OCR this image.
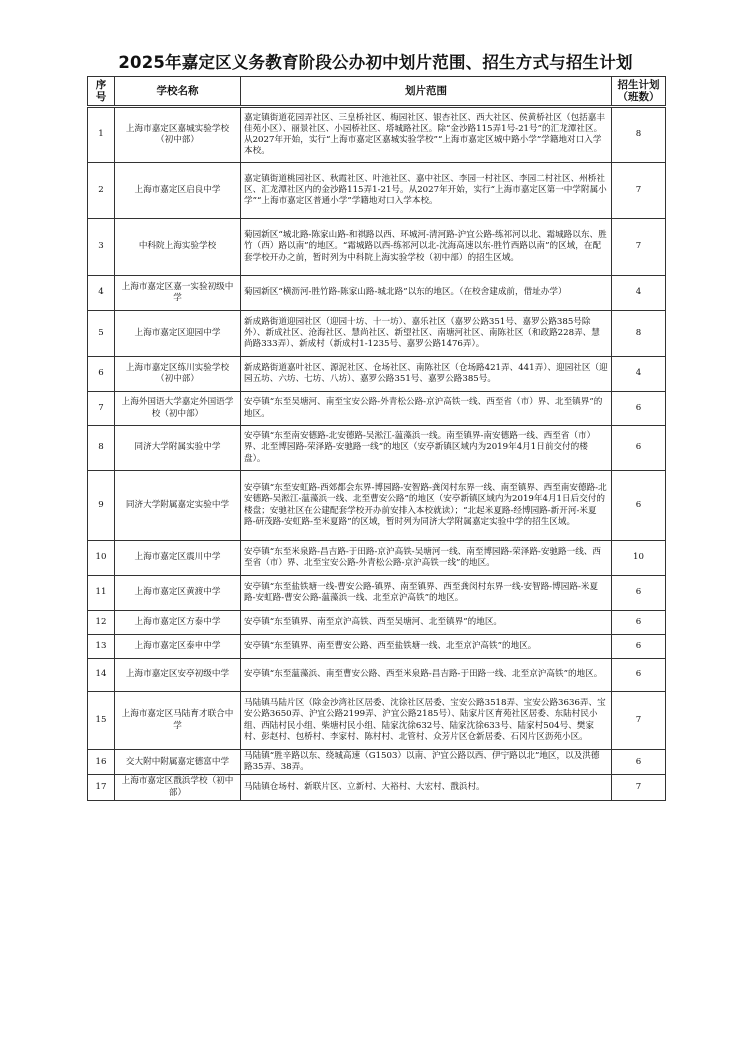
2025年嘉定区义务教育阶段公办初中划片范围、招生方式与招生计划
序号	学校名称	划片范围	招生计划（班数）
1	上海市嘉定区嘉城实验学校（初中部）	嘉定镇街道花园弄社区、三皇桥社区、梅园社区、银杏社区、西大社区、侯黄桥社区（包括嘉丰佳苑小区）、丽景社区、小园桥社区、塔城路社区。除“金沙路115弄1号-21号”的汇龙潭社区。从2027年开始，实行“上海市嘉定区嘉城实验学校”“上海市嘉定区城中路小学”学籍地对口入学本校。	8
2	上海市嘉定区启良中学	嘉定镇街道桃园社区、秋霞社区、叶池社区、嘉中社区、李园一村社区、李园二村社区、州桥社区、汇龙潭社区内的金沙路115弄1-21号。从2027年开始，实行“上海市嘉定区第一中学附属小学”“上海市嘉定区普通小学”学籍地对口入学本校。	7
3	中科院上海实验学校	菊园新区“城北路-陈家山路-和祺路以西、环城河-清河路-沪宜公路-练祁河以北、霜城路以东、胜竹（西）路以南”的地区。“霜城路以西-练祁河以北-沈海高速以东-胜竹西路以南”的区域，在配套学校开办之前，暂时列为中科院上海实验学校（初中部）的招生区域。	7
4	上海市嘉定区嘉一实验初级中学	菊园新区“横沥河-胜竹路-陈家山路-城北路”以东的地区。（在校舍建成前，借址办学）	4
5	上海市嘉定区迎园中学	新成路街道迎园社区（迎园十坊、十一坊）、嘉乐社区（嘉罗公路351号、嘉罗公路385号除外）、新成社区、沧海社区、慧尚社区、新望社区、南塘河社区、南陈社区（和政路228弄、慧尚路333弄）、新成村（新成村1-1235号、嘉罗公路1476弄）。	8
6	上海市嘉定区练川实验学校（初中部）	新成路街道嘉叶社区、源泥社区、仓场社区、南陈社区（仓场路421弄、441弄）、迎园社区（迎园五坊、六坊、七坊、八坊）、嘉罗公路351号、嘉罗公路385号。	4
7	上海外国语大学嘉定外国语学校（初中部）	安亭镇“东至吴塘河、南至宝安公路-外青松公路-京沪高铁一线、西至省（市）界、北至镇界”的地区。	6
8	同济大学附属实验中学	安亭镇“东至南安德路-北安德路-吴淞江-蕰藻浜一线。南至镇界-南安德路一线、西至省（市）界、北至博园路-荣泽路-安驰路一线”的地区（安亭新镇区域内为2019年4月1日前交付的楼盘）。	6
9	同济大学附属嘉定实验中学	安亭镇“东至安虹路-西郊都会东界-博园路-安智路-龚闵村东界一线、南至镇界、西至南安德路-北安德路-吴淞江-蕰藻浜一线、北至曹安公路”的地区（安亭新镇区域内为2019年4月1日后交付的楼盘；安驰社区在公建配套学校开办前安排入本校就读）；“北起米夏路-经博园路-新开河-米夏路-研茂路-安虹路-至米夏路”的区域，暂时列为同济大学附属嘉定实验中学的招生区域。	6
10	上海市嘉定区震川中学	安亭镇“东至米泉路-昌吉路-于田路-京沪高铁-吴塘河一线、南至博园路-荣泽路-安驰路一线、西至省（市）界、北至宝安公路-外青松公路-京沪高铁一线”的地区。	10
11	上海市嘉定区黄渡中学	安亭镇“东至盐铁塘一线-曹安公路-镇界、南至镇界、西至龚闵村东界一线-安智路-博园路-米夏路-安虹路-曹安公路-蕰藻浜一线、北至京沪高铁”的地区。	6
12	上海市嘉定区方泰中学	安亭镇“东至镇界、南至京沪高铁、西至吴塘河、北至镇界”的地区。	6
13	上海市嘉定区泰申中学	安亭镇“东至镇界、南至曹安公路、西至盐铁塘一线、北至京沪高铁”的地区。	6
14	上海市嘉定区安亭初级中学	安亭镇“东至蕰藻浜、南至曹安公路、西至米泉路-昌吉路-于田路一线、北至京沪高铁”的地区。	6
15	上海市嘉定区马陆育才联合中学	马陆镇马陆片区（除金沙湾社区居委、沈徐社区居委、宝安公路3518弄、宝安公路3636弄、宝安公路3650弄、沪宜公路2199弄、沪宜公路2185号）、陆家片区育苑社区居委、东陆村民小组、西陆村民小组、柴塘村民小组、陆家沈徐632号、陆家沈徐633号、陆家村504号、樊家村、彭赵村、包桥村、李家村、陈村村、北管村、众芳片区仓新居委、石冈片区沥苑小区。	7
16	交大附中附属嘉定德富中学	马陆镇“胜辛路以东、绕城高速（G1503）以南、沪宜公路以西、伊宁路以北”地区，以及洪德路35弄、38弄。	6
17	上海市嘉定区戬浜学校（初中部）	马陆镇仓场村、新联片区、立新村、大裕村、大宏村、戬浜村。	7
